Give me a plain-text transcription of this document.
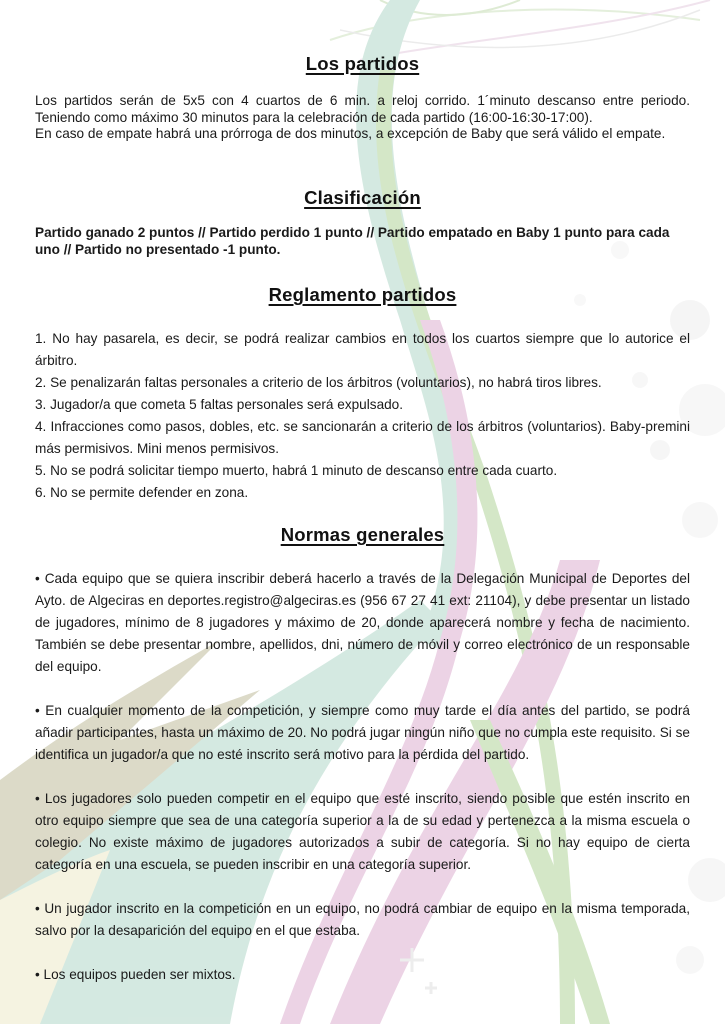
Los partidos

Los partidos serán de 5x5 con 4 cuartos de 6 min. a reloj corrido. 1´minuto descanso entre periodo.

Teniendo como máximo 30 minutos para la celebración de cada partido (16:00-16:30-17:00).

En caso de empate habrá una prórroga de dos minutos, a excepción de Baby que será válido el empate.

Clasificación

Partido ganado 2 puntos // Partido perdido 1 punto // Partido empatado en Baby 1 punto para cada uno // Partido no presentado -1 punto.

Reglamento partidos

1. No hay pasarela, es decir, se podrá realizar cambios en todos los cuartos siempre que lo autorice el árbitro.

2. Se penalizarán faltas personales a criterio de los árbitros (voluntarios), no habrá tiros libres.

3. Jugador/a que cometa 5 faltas personales será expulsado.

4. Infracciones como pasos, dobles, etc. se sancionarán a criterio de los árbitros (voluntarios). Baby-premini más permisivos. Mini menos permisivos.

5. No se podrá solicitar tiempo muerto, habrá 1 minuto de descanso entre cada cuarto.

6. No se permite defender en zona.

Normas generales

• Cada equipo que se quiera inscribir deberá hacerlo a través de la Delegación Municipal de Deportes del Ayto. de Algeciras en deportes.registro@algeciras.es (956 67 27 41 ext: 21104), y debe presentar un listado de jugadores, mínimo de 8 jugadores y máximo de 20, donde aparecerá nombre y fecha de nacimiento. También se debe presentar nombre, apellidos, dni, número de móvil y correo electrónico de un responsable del equipo.

• En cualquier momento de la competición, y siempre como muy tarde el día antes del partido, se podrá añadir participantes, hasta un máximo de 20. No podrá jugar ningún niño que no cumpla este requisito. Si se identifica un jugador/a que no esté inscrito será motivo para la pérdida del partido.

• Los jugadores solo pueden competir en el equipo que esté inscrito, siendo posible que estén inscrito en otro equipo siempre que sea de una categoría superior a la de su edad y pertenezca a la misma escuela o colegio. No existe máximo de jugadores autorizados a subir de categoría. Si no hay equipo de cierta categoría en una escuela, se pueden inscribir en una categoría superior.

• Un jugador inscrito en la competición en un equipo, no podrá cambiar de equipo en la misma temporada, salvo por la desaparición del equipo en el que estaba.

• Los equipos pueden ser mixtos.
